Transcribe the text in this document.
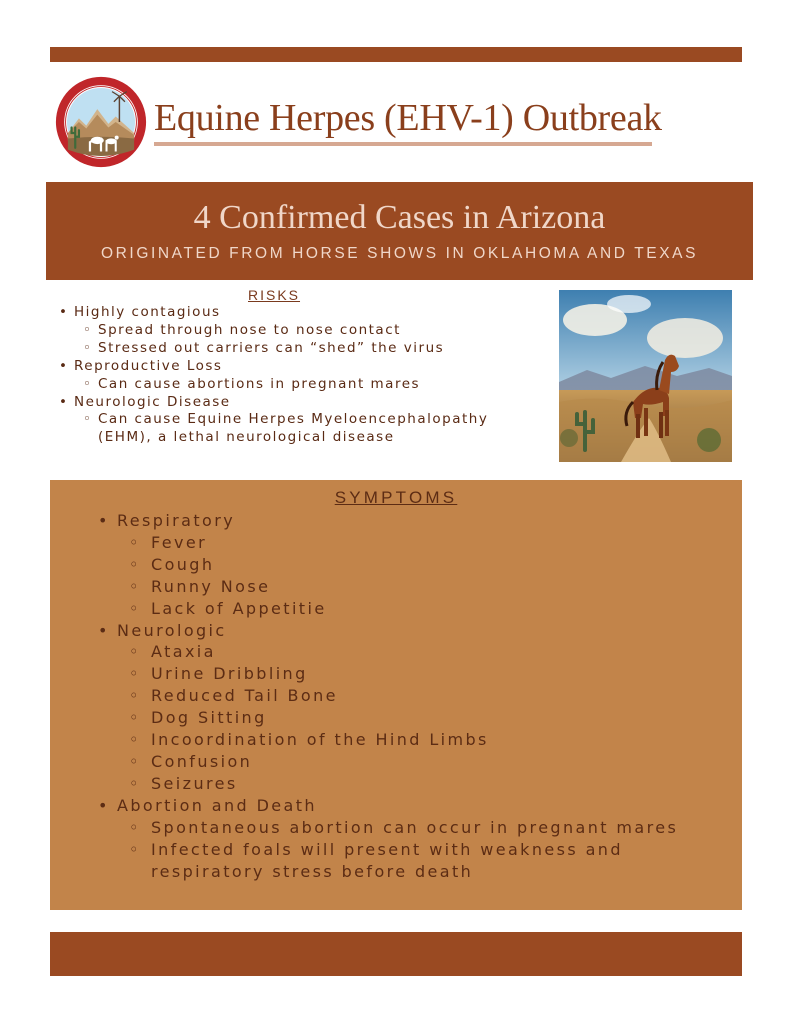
Equine Herpes (EHV-1) Outbreak
4 Confirmed Cases in Arizona
ORIGINATED FROM HORSE SHOWS IN OKLAHOMA AND TEXAS
RISKS
• Highly contagious
◦ Spread through nose to nose contact
◦ Stressed out carriers can “shed” the virus
• Reproductive Loss
◦ Can cause abortions in pregnant mares
• Neurologic Disease
◦ Can cause Equine Herpes Myeloencephalopathy (EHM), a lethal neurological disease
SYMPTOMS
• Respiratory
◦ Fever
◦ Cough
◦ Runny Nose
◦ Lack of Appetitie
• Neurologic
◦ Ataxia
◦ Urine Dribbling
◦ Reduced Tail Bone
◦ Dog Sitting
◦ Incoordination of the Hind Limbs
◦ Confusion
◦ Seizures
• Abortion and Death
◦ Spontaneous abortion can occur in pregnant mares
◦ Infected foals will present with weakness and respiratory stress before death
